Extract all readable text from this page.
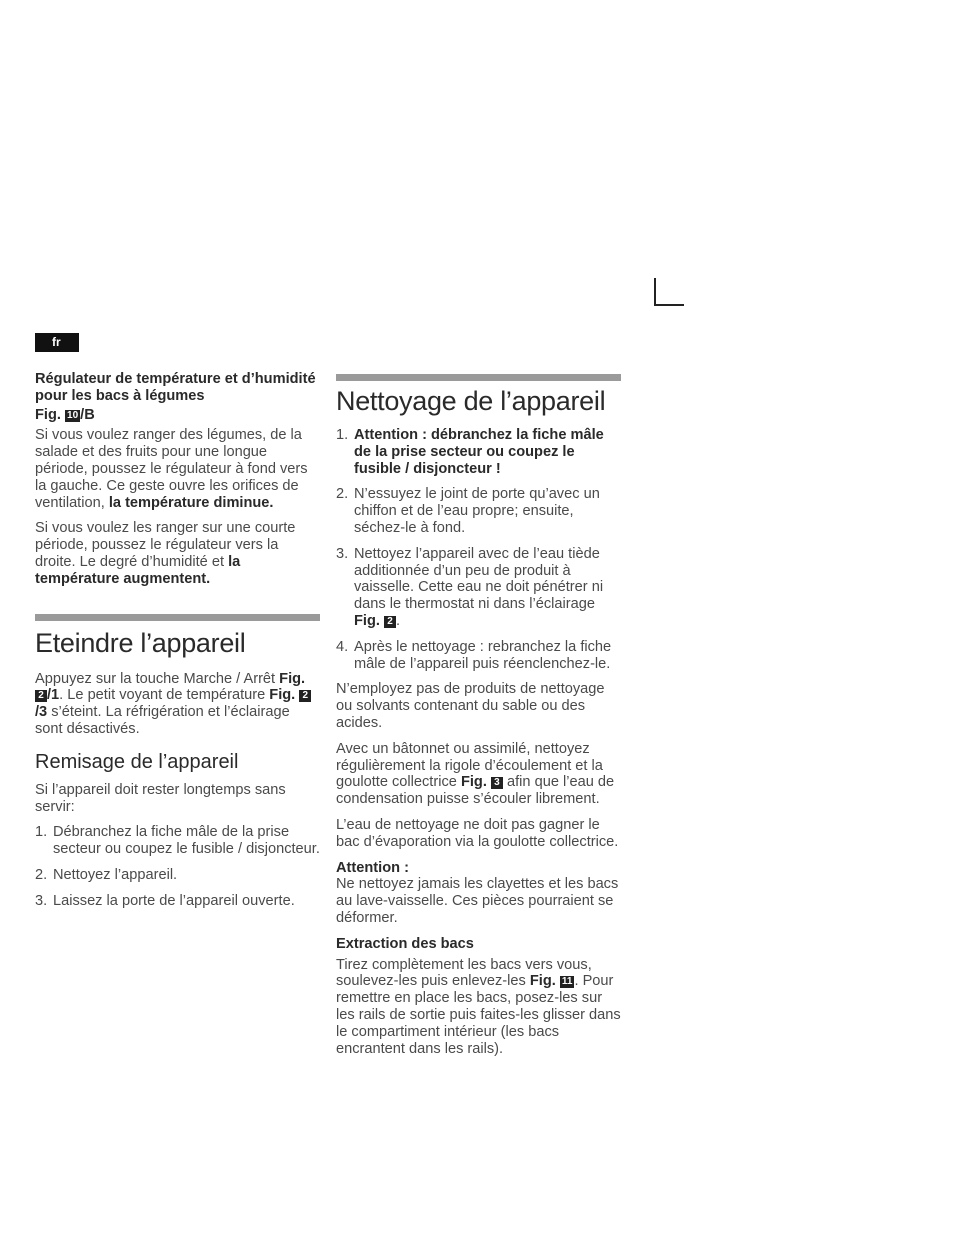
fr
Régulateur de température et d’humidité pour les bacs à légumes

Fig. 10 /B

Si vous voulez ranger des légumes, de la salade et des fruits pour une longue période, poussez le régulateur à fond vers la gauche. Ce geste ouvre les orifices de ventilation, la température diminue.

Si vous voulez les ranger sur une courte période, poussez le régulateur vers la droite. Le degré d’humidité et la température augmentent.

Eteindre l’appareil

Appuyez sur la touche Marche / Arrêt Fig. 2 /1. Le petit voyant de température Fig. 2/3 s’éteint. La réfrigération et l’éclairage sont désactivés.

Remisage de l’appareil

Si l’appareil doit rester longtemps sans servir:

1. Débranchez la fiche mâle de la prise secteur ou coupez le fusible / disjoncteur.
2. Nettoyez l’appareil.
3. Laissez la porte de l’appareil ouverte.
Nettoyage de l’appareil
1. Attention : débranchez la fiche mâle de la prise secteur ou coupez le fusible / disjoncteur !
2. N’essuyez le joint de porte qu’avec un chiffon et de l’eau propre; ensuite, séchez-le à fond.
3. Nettoyez l’appareil avec de l’eau tiède additionnée d’un peu de produit à vaisselle. Cette eau ne doit pénétrer ni dans le thermostat ni dans l’éclairage Fig. 2 .
4. Après le nettoyage : rebranchez la fiche mâle de l’appareil puis réenclenchez-le.

N’employez pas de produits de nettoyage ou solvants contenant du sable ou des acides.

Avec un bâtonnet ou assimilé, nettoyez régulièrement la rigole d’écoulement et la goulotte collectrice Fig. 3 afin que l’eau de condensation puisse s’écouler librement.

L’eau de nettoyage ne doit pas gagner le bac d’évaporation via la goulotte collectrice.

Attention :

Ne nettoyez jamais les clayettes et les bacs au lave-vaisselle. Ces pièces pourraient se déformer.

Extraction des bacs

Tirez complètement les bacs vers vous, soulevez-les puis enlevez-les Fig. 11 . Pour remettre en place les bacs, posez-les sur les rails de sortie puis faites-les glisser dans le compartiment intérieur (les bacs encrantent dans les rails).
